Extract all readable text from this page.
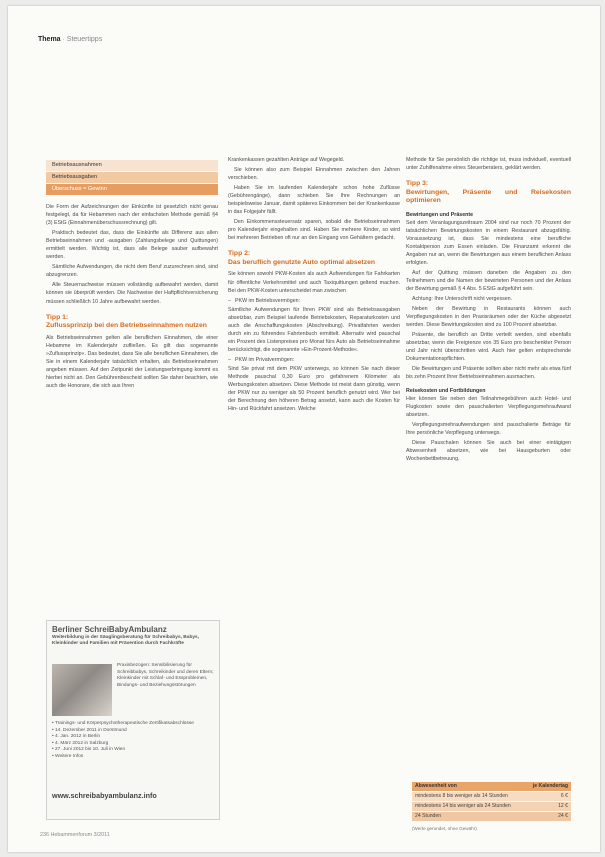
Thema · Steuertipps
Betriebsausnahmen
Betriebsausgaben
Überschuss = Gewinn

Die Form der Aufzeichnungen der Einkünfte ist gesetzlich nicht genau festgelegt, da für Hebammen nach der einfachsten Methode gemäß §4 (3) EStG (Einnahmenüberschussrechnung) gilt.

Praktisch bedeutet das, dass die Einkünfte als Differenz aus allen Betriebseinnahmen und -ausgaben (Zahlungsbelege und Quittungen) ermittelt werden. Wichtig ist, dass alle Belege sauber aufbewahrt werden.

Sämtliche Aufwendungen, die nicht dem Beruf zuzurechnen sind, sind abzugrenzen.

Alle Steuernachweise müssen vollständig aufbewahrt werden, damit können sie überprüft werden. Die Nachweise der Haftpflichtversicherung müssen schließlich 10 Jahre aufbewahrt werden.

Tipp 1:
Zuflussprinzip bei den Betriebseinnahmen nutzen

Als Betriebseinnahmen gelten alle beruflichen Einnahmen, die einer Hebamme im Kalenderjahr zufließen. Es gilt das sogenannte »Zuflussprinzip«. Das bedeutet, dass Sie alle beruflichen Einnahmen, die Sie in einem Kalenderjahr tatsächlich erhalten, als Betriebseinnahmen angeben müssen. Auf den Zeitpunkt der Leistungserbringung kommt es hierbei nicht an. Den Gebührenbescheid sollten Sie daher beachten, wie auch die Honorare, die sich aus Ihren

Berliner SchreiBabyAmbulanz
Weiterbildung in der Säuglingsberatung für Schreibabys, Babys, Kleinkinder und Familien mit Prävention durch Fachkräfte
Praxisbezogen: Sensibilisierung für Schreibbabys, Schreikinder und deren Eltern; Kleinkinder mit Schlaf- und Essproblemen, Bindungs- und Beziehungsstörungen
• Trainings- und Körperpsychotherapeutische Zertifikatsabschlüsse
• 14. Dezember 2011 in Dorstmund
• 4. Jan. 2012 in Berlin
• 4. März 2012 in Salzburg
• 27. Juni 2012 bis 10. Juli in Wien
• Weitere Infos
www.schreibabyambulanz.info

Krankenkassen gezahlten Anträge auf Wegegeld.

Sie können also zum Beispiel Einnahmen zwischen den Jahren verschieben.

Haben Sie im laufenden Kalenderjahr schon hohe Zuflüsse (Gebührengänge), dann schieben Sie Ihre Rechnungen an beispielsweise Januar, damit späteres Einkommen bei der Krankenkasse in das Folgejahr fällt.

Den Einkommenssteuersatz sparen, sobald die Betriebseinnahmen pro Kalenderjahr eingehalten sind. Haben Sie mehrere Kinder, so wird bei mehreren Betrieben oft nur an den Eingang von Gehältern gedacht.

Tipp 2:
Das beruflich genutzte Auto optimal absetzen

Sie können sowohl PKW-Kosten als auch Aufwendungen für Fahrkarten für öffentliche Verkehrsmittel und auch Taxiquittungen geltend machen. Bei den PKW-Kosten unterscheidet man zwischen

– PKW im Betriebsvermögen:

Sämtliche Aufwendungen für Ihren PKW sind als Betriebsausgaben absetzbar, zum Beispiel laufende Betriebskosten, Reparaturkosten und auch die Anschaffungskosten (Abschreibung). Privatfahrten werden durch ein zu führendes Fahrtenbuch ermittelt. Alternativ wird pauschal ein Prozent des Listenpreises pro Monat fürs Auto als Betriebseinnahme berücksichtigt, die sogenannte »Ein-Prozent-Methode«.

– PKW im Privatvermögen:

Sind Sie privat mit dem PKW unterwegs, so können Sie nach dieser Methode pauschal 0,30 Euro pro gefahrenem Kilometer als Werbungskosten absetzen. Diese Methode ist meist dann günstig, wenn der PKW nur zu weniger als 50 Prozent beruflich genutzt wird. Wer bei der Berechnung den höheren Betrag ansetzt, kann auch die Kosten für Hin- und Rückfahrt ansetzen. Welche

Methode für Sie persönlich die richtige ist, muss individuell, eventuell unter Zuhilfenahme eines Steuerberaters, geklärt werden.

Tipp 3:
Bewirtungen, Präsente und Reisekosten optimieren
Bewirtungen und Präsente

Seit dem Veranlagungszeitraum 2004 sind nur noch 70 Prozent der tatsächlichen Bewirtungskosten in einem Restaurant abzugsfähig. Voraussetzung ist, dass Sie mindestens eine berufliche Kontaktperson zum Essen einladen. Die Finanzamt erkennt die Angaben nur an, wenn die Bewirtungen aus einem beruflichen Anlass erfolgten.

Auf der Quittung müssen daneben die Angaben zu den Teilnehmern und die Namen der bewirteten Personen und der Anlass der Bewirtung gemäß § 4 Abs. 5 EStG aufgeführt sein.

Achtung: Ihre Unterschrift nicht vergessen.

Neben der Bewirtung in Restaurants können auch Verpflegungskosten in den Praxisräumen oder der Küche abgesetzt werden. Diese Bewirtungskosten sind zu 100 Prozent absetzbar.

Präsente, die beruflich an Dritte verteilt werden, sind ebenfalls absetzbar, wenn die Freigrenze von 35 Euro pro beschenkter Person und Jahr nicht überschritten wird. Auch hier gelten entsprechende Dokumentationspflichten.

Die Bewirtungen und Präsente sollten aber nicht mehr als etwa fünf bis zehn Prozent Ihrer Betriebseinnahmen ausmachen.

Reisekosten und Fortbildungen

Hier können Sie neben den Teilnahmegebühren auch Hotel- und Flugkosten sowie den pauschalierten Verpflegungsmehraufwand absetzen.

Verpflegungsmehraufwendungen sind pauschalierte Beträge für Ihre persönliche Verpflegung unterwegs.

Diese Pauschalen können Sie auch bei einer eintägigen Abwesenheit absetzen, wie bei Hausgeburten oder Wochenbettbetreuung.

Abwesenheit von	je Kalendertag
mindestens 8 bis weniger als 14 Stunden	6 €
mindestens 14 bis weniger als 24 Stunden	12 €
24 Stunden	24 €
(Werte gerundet, ohne Gewähr)
236 Hebammenforum 3/2011
